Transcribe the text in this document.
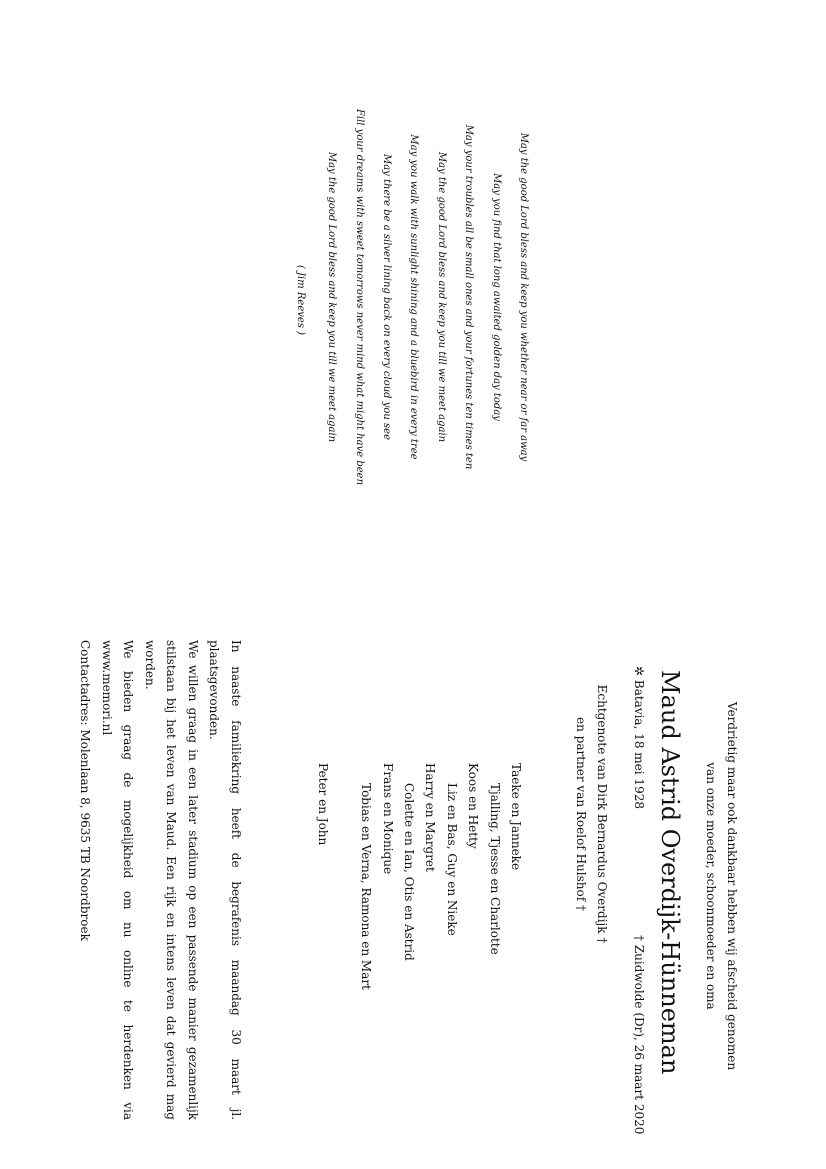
May the good Lord bless and keep you whether near or far away
May you find that long awaited golden day today
May your troubles all be small ones and your fortunes ten times ten
May the good Lord bless and keep you till we meet again
May you walk with sunlight shining and a bluebird in every tree
May there be a silver lining back on every cloud you see
Fill your dreams with sweet tomorrows never mind what might have been
May the good Lord bless and keep you till we meet again
( Jim Reeves )
Verdrietig maar ook dankbaar hebben wij afscheid genomen
van onze moeder, schoonmoeder en oma
Maud Astrid Overdijk-Hünneman
✲ Batavia, 18 mei 1928
† Zuidwolde (Dr), 26 maart 2020
Echtgenote van Dirk Bernardus Overdijk †
en partner van Roelof Hulshof †
Taeke en Janneke
Tjalling, Tjesse en Charlotte
Koos en Hetty
Liz en Bas, Guy en Nieke
Harry en Margret
Colette en Ian, Otis en Astrid
Frans en Monique
Tobias en Verna, Ramona en Mart
Peter en John

In naaste familiekring heeft de begrafenis maandag 30 maart jl. plaatsgevonden.

We willen graag in een later stadium op een passende manier gezamenlijk stilstaan bij het leven van Maud. Een rijk en intens leven dat gevierd mag worden.

We bieden graag de mogelijkheid om nu online te herdenken via www.memori.nl

Contactadres: Molenlaan 8, 9635 TB Noordbroek
